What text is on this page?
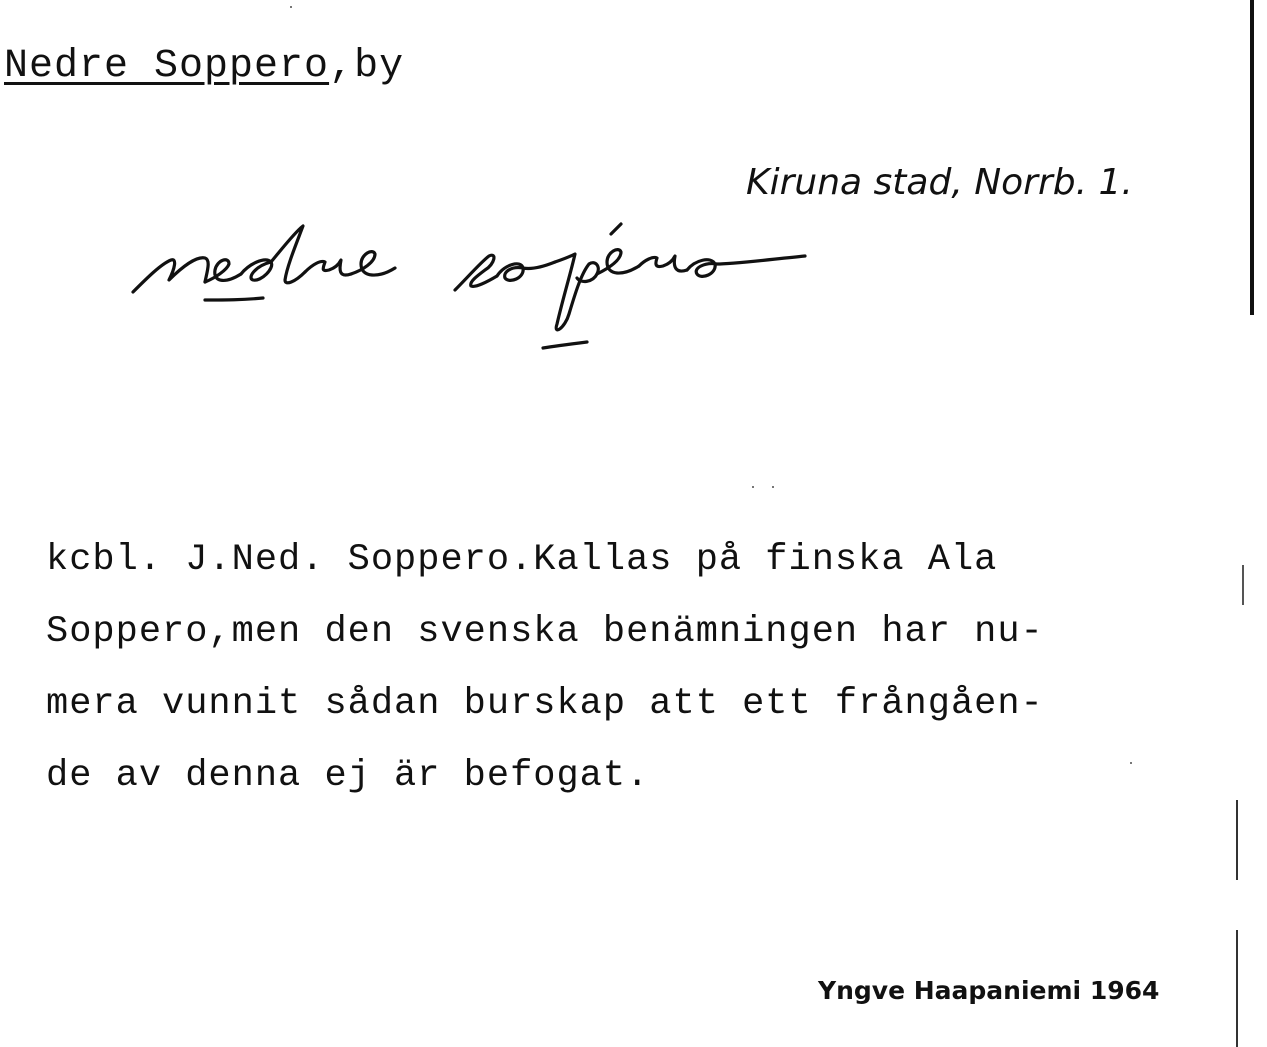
Nedre Soppero,by
Kiruna stad, Norrb. 1.
kcbl. J.Ned. Soppero.Kallas på finska Ala
Soppero,men den svenska benämningen har nu-
mera vunnit sådan burskap att ett frångåen-
de av denna ej är befogat.
Yngve Haapaniemi 1964
